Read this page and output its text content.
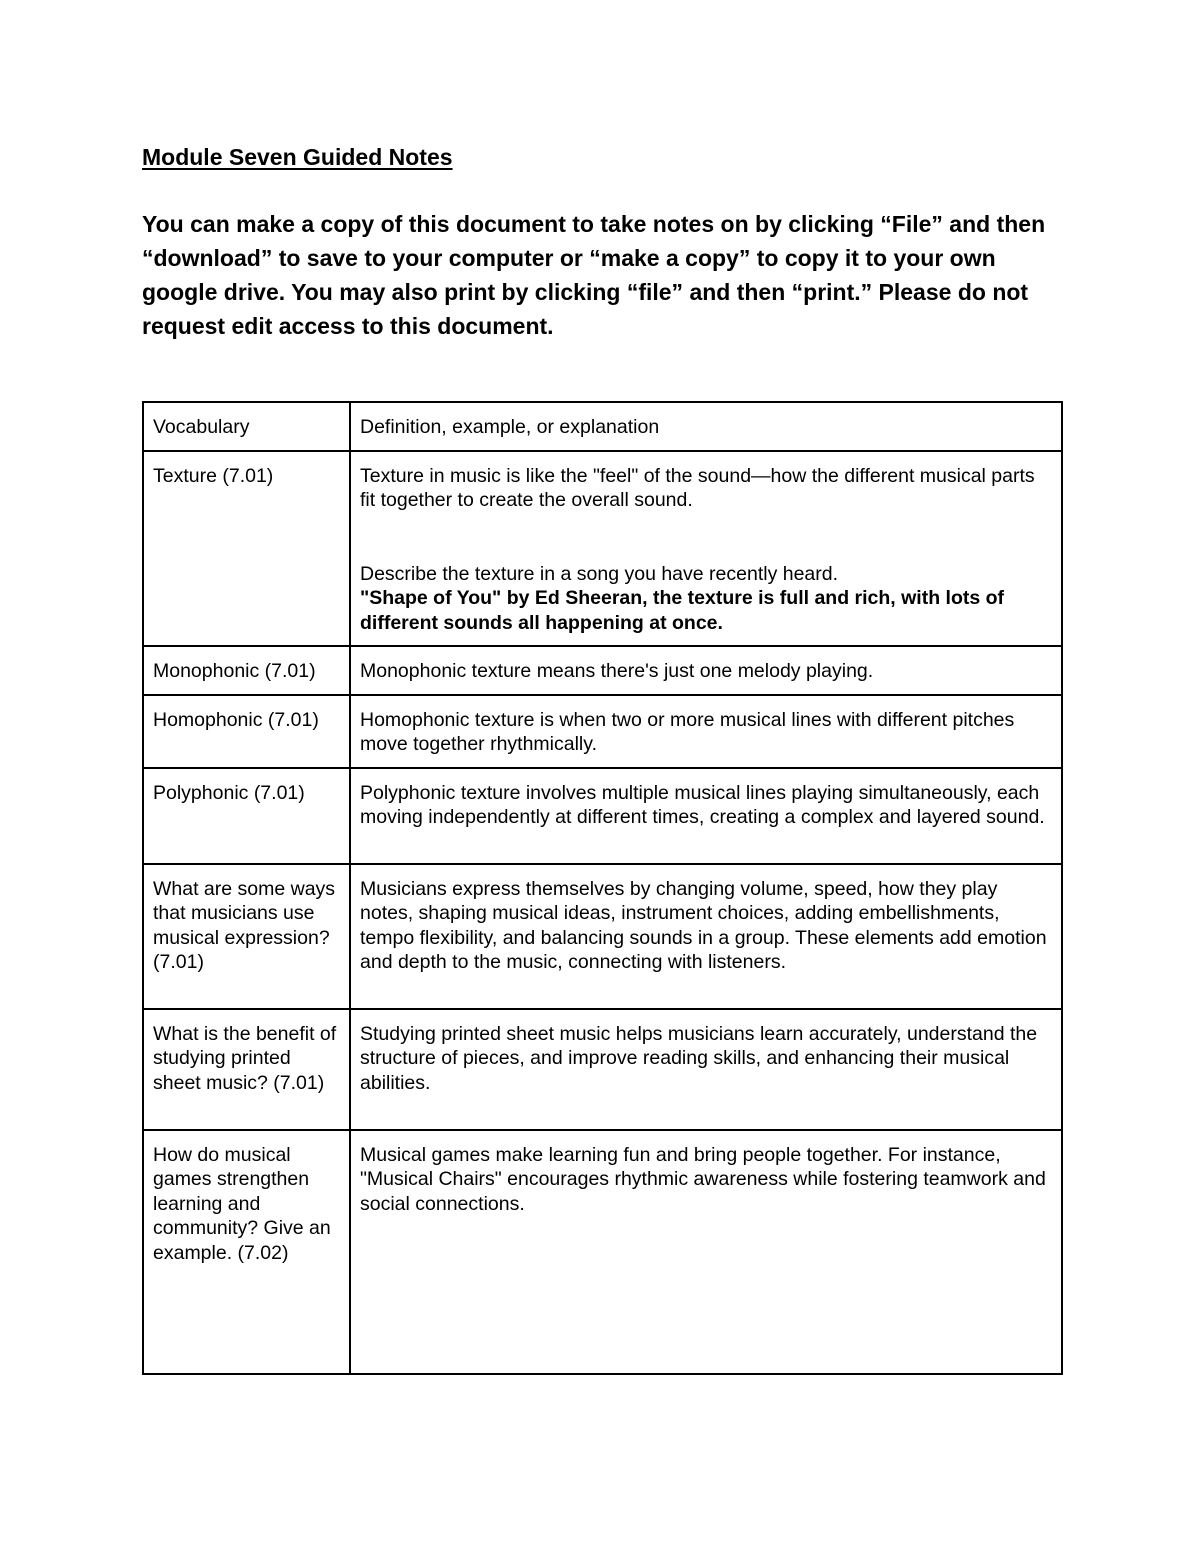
Module Seven Guided Notes

You can make a copy of this document to take notes on by clicking “File” and then “download” to save to your computer or “make a copy” to copy it to your own google drive. You may also print by clicking “file” and then “print.” Please do not request edit access to this document.

Vocabulary	Definition, example, or explanation
Texture (7.01)	Texture in music is like the "feel" of the sound—how the different musical parts fit together to create the overall sound.
Describe the texture in a song you have recently heard.
"Shape of You" by Ed Sheeran, the texture is full and rich, with lots of different sounds all happening at once.

Monophonic (7.01)	Monophonic texture means there's just one melody playing.
Homophonic (7.01)	Homophonic texture is when two or more musical lines with different pitches move together rhythmically.
Polyphonic (7.01)	Polyphonic texture involves multiple musical lines playing simultaneously, each moving independently at different times, creating a complex and layered sound.
What are some ways that musicians use musical expression? (7.01)	Musicians express themselves by changing volume, speed, how they play notes, shaping musical ideas, instrument choices, adding embellishments, tempo flexibility, and balancing sounds in a group. These elements add emotion and depth to the music, connecting with listeners.
What is the benefit of studying printed sheet music? (7.01)	Studying printed sheet music helps musicians learn accurately, understand the structure of pieces, and improve reading skills, and enhancing their musical abilities.
How do musical games strengthen learning and community? Give an example. (7.02)	Musical games make learning fun and bring people together. For instance, "Musical Chairs" encourages rhythmic awareness while fostering teamwork and social connections.
